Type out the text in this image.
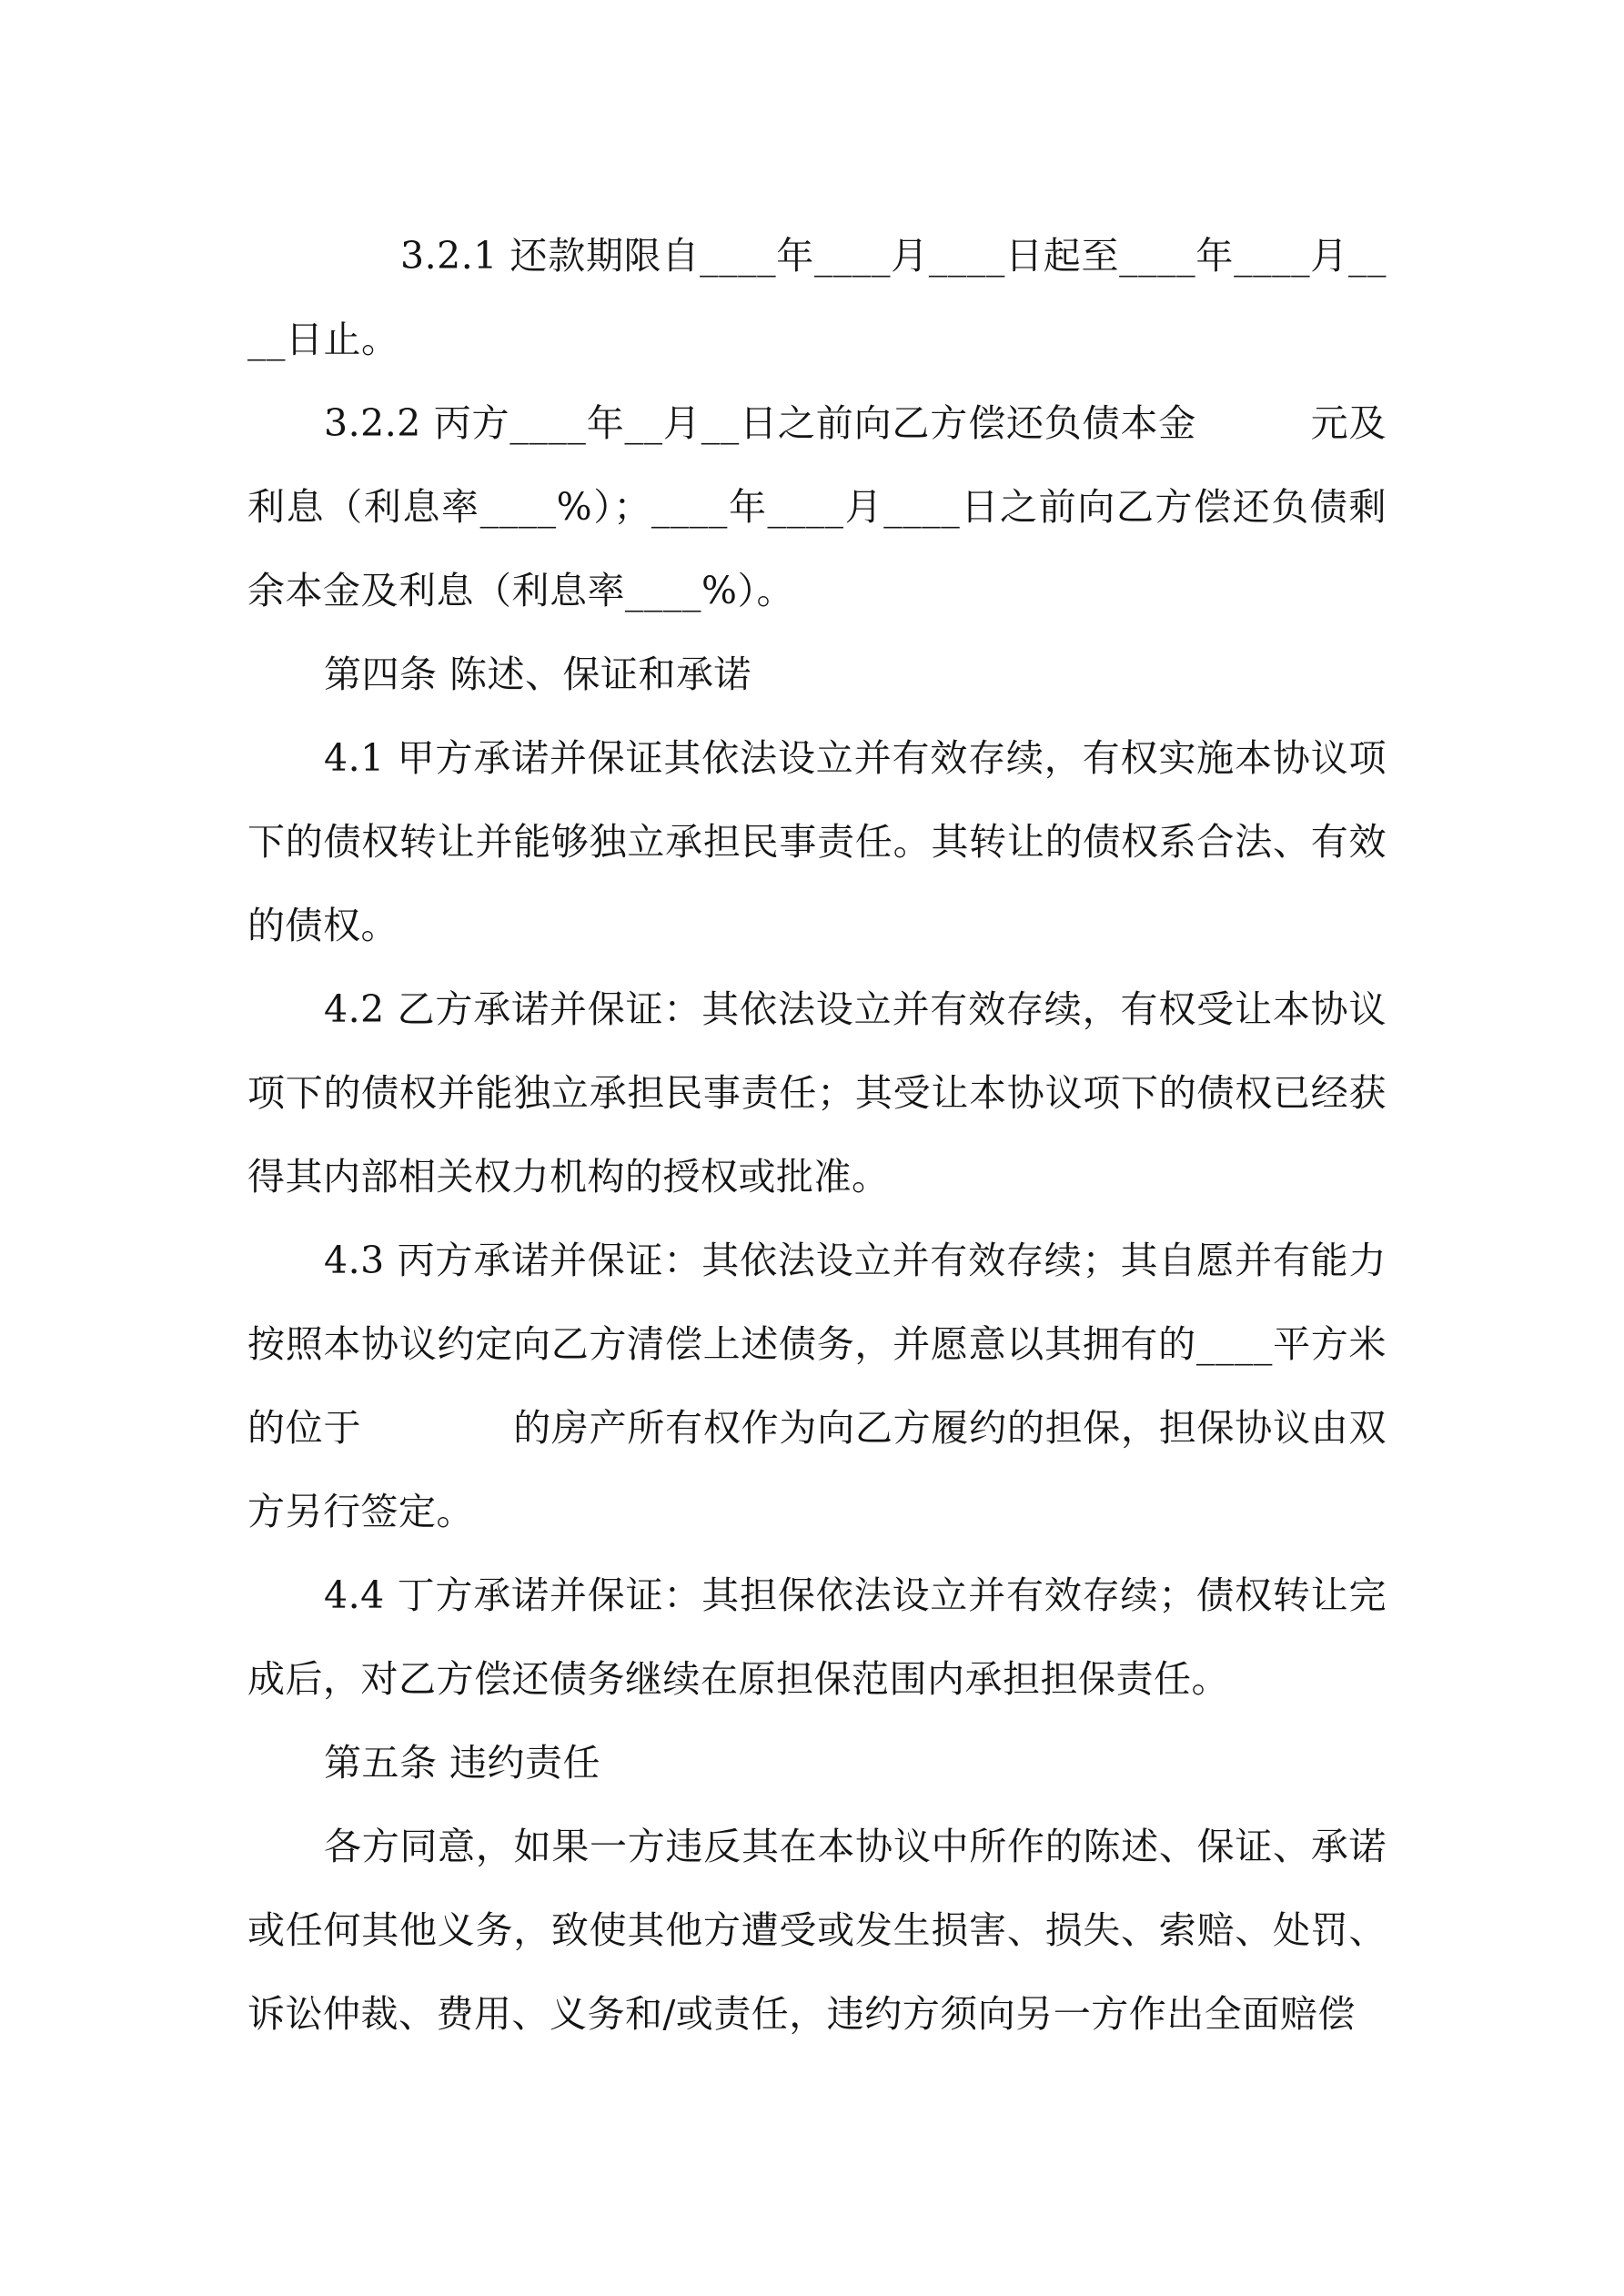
3.2.1 还款期限自____年____月____日起至____年____月____日止。

3.2.2 丙方____年__月__日之前向乙方偿还负债本金　　　元及利息（利息率____%）；____年____月____日之前向乙方偿还负债剩余本金及利息（利息率____%）。

第四条 陈述、保证和承诺

4.1 甲方承诺并保证其依法设立并有效存续，有权实施本协议项下的债权转让并能够独立承担民事责任。其转让的债权系合法、有效的债权。

4.2 乙方承诺并保证：其依法设立并有效存续，有权受让本协议项下的债权并能独立承担民事责任；其受让本协议项下的债权已经获得其内部相关权力机构的授权或批准。

4.3 丙方承诺并保证：其依法设立并有效存续；其自愿并有能力按照本协议约定向乙方清偿上述债务，并愿意以其拥有的____平方米的位于　　　　的房产所有权作为向乙方履约的担保，担保协议由双方另行签定。

4.4 丁方承诺并保证：其担保依法设立并有效存续；债权转让完成后，对乙方偿还债务继续在原担保范围内承担担保责任。

第五条 违约责任

各方同意，如果一方违反其在本协议中所作的陈述、保证、承诺或任何其他义务，致使其他方遭受或发生损害、损失、索赔、处罚、诉讼仲裁、费用、义务和/或责任，违约方须向另一方作出全面赔偿
